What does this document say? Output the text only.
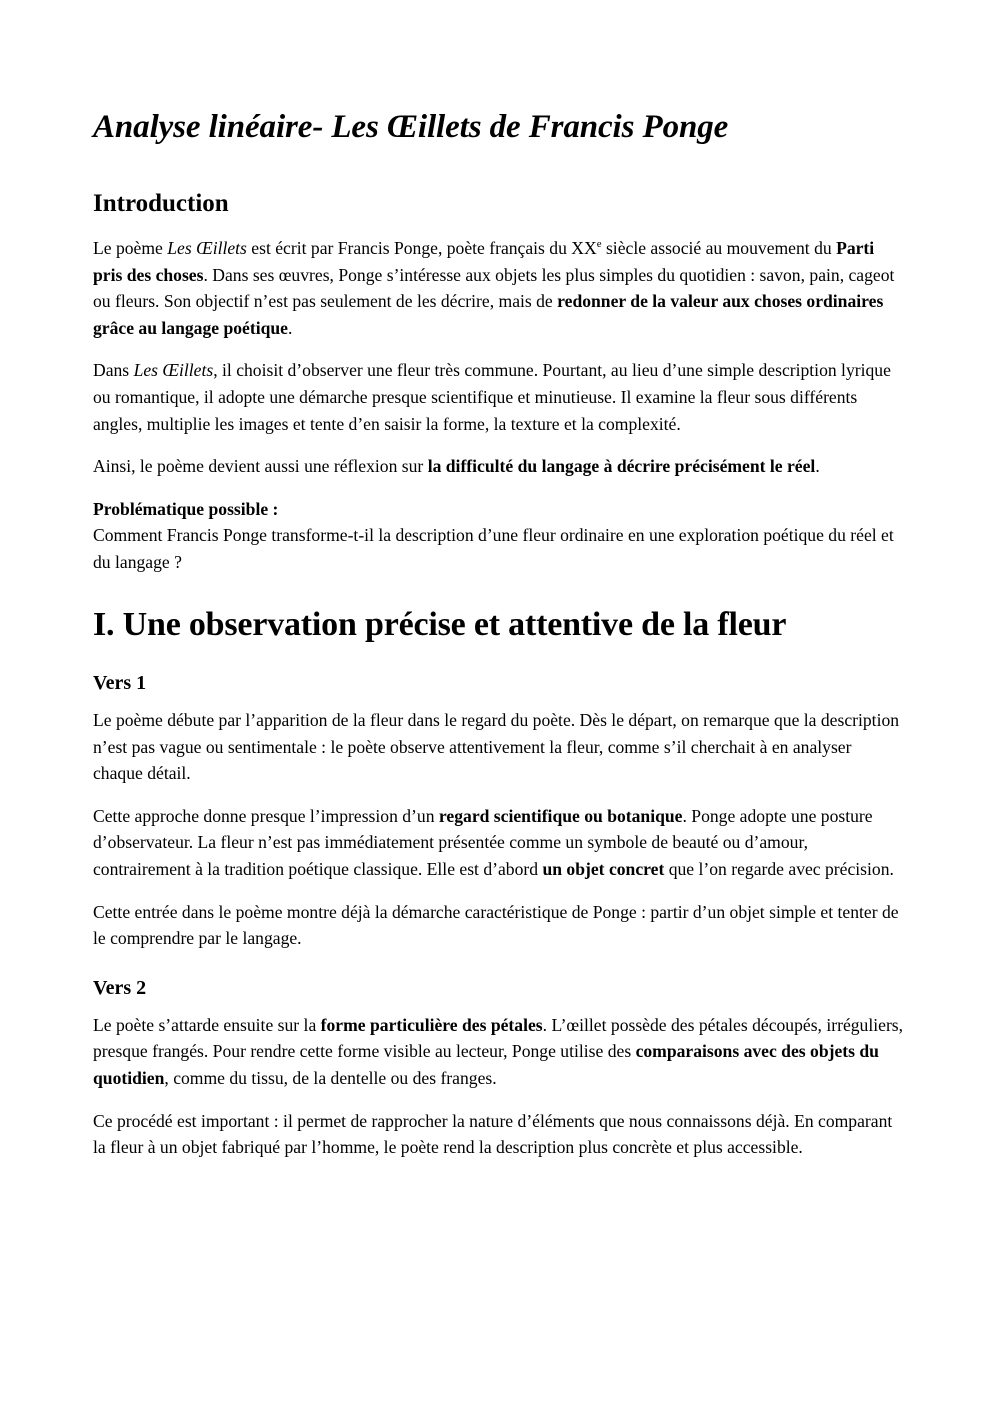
Analyse linéaire- Les Œillets de Francis Ponge
Introduction

Le poème Les Œillets est écrit par Francis Ponge, poète français du XXe siècle associé au mouvement du Parti pris des choses. Dans ses œuvres, Ponge s’intéresse aux objets les plus simples du quotidien : savon, pain, cageot ou fleurs. Son objectif n’est pas seulement de les décrire, mais de redonner de la valeur aux choses ordinaires grâce au langage poétique.

Dans Les Œillets, il choisit d’observer une fleur très commune. Pourtant, au lieu d’une simple description lyrique ou romantique, il adopte une démarche presque scientifique et minutieuse. Il examine la fleur sous différents angles, multiplie les images et tente d’en saisir la forme, la texture et la complexité.

Ainsi, le poème devient aussi une réflexion sur la difficulté du langage à décrire précisément le réel.

Problématique possible :
Comment Francis Ponge transforme-t-il la description d’une fleur ordinaire en une exploration poétique du réel et du langage ?

I. Une observation précise et attentive de la fleur
Vers 1

Le poème débute par l’apparition de la fleur dans le regard du poète. Dès le départ, on remarque que la description n’est pas vague ou sentimentale : le poète observe attentivement la fleur, comme s’il cherchait à en analyser chaque détail.

Cette approche donne presque l’impression d’un regard scientifique ou botanique. Ponge adopte une posture d’observateur. La fleur n’est pas immédiatement présentée comme un symbole de beauté ou d’amour, contrairement à la tradition poétique classique. Elle est d’abord un objet concret que l’on regarde avec précision.

Cette entrée dans le poème montre déjà la démarche caractéristique de Ponge : partir d’un objet simple et tenter de le comprendre par le langage.

Vers 2

Le poète s’attarde ensuite sur la forme particulière des pétales. L’œillet possède des pétales découpés, irréguliers, presque frangés. Pour rendre cette forme visible au lecteur, Ponge utilise des comparaisons avec des objets du quotidien, comme du tissu, de la dentelle ou des franges.

Ce procédé est important : il permet de rapprocher la nature d’éléments que nous connaissons déjà. En comparant la fleur à un objet fabriqué par l’homme, le poète rend la description plus concrète et plus accessible.
